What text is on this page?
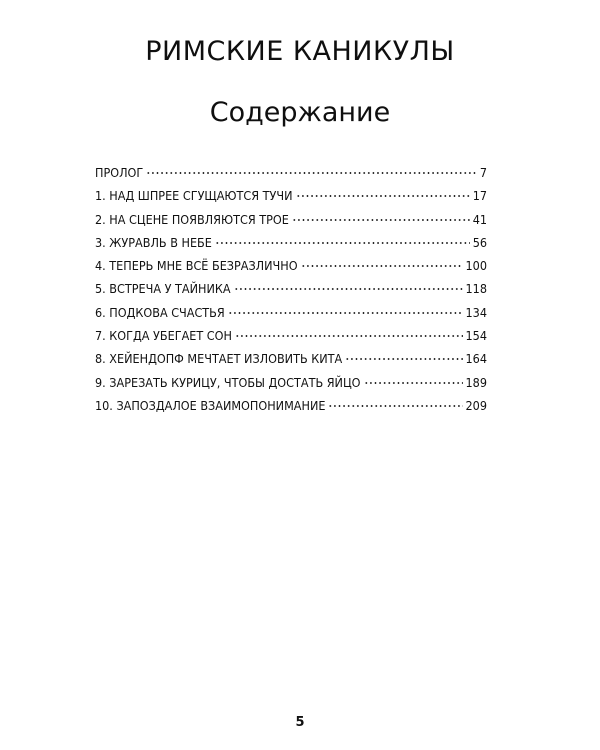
РИМСКИЕ КАНИКУЛЫ
Содержание
ПРОЛОГ	7
1. НАД ШПРЕЕ СГУЩАЮТСЯ ТУЧИ	17
2. НА СЦЕНЕ ПОЯВЛЯЮТСЯ ТРОЕ	41
3. ЖУРАВЛЬ В НЕБЕ	56
4. ТЕПЕРЬ МНЕ ВСЁ БЕЗРАЗЛИЧНО	100
5. ВСТРЕЧА У ТАЙНИКА	118
6. ПОДКОВА СЧАСТЬЯ	134
7. КОГДА УБЕГАЕТ СОН	154
8. ХЕЙЕНДОПФ МЕЧТАЕТ ИЗЛОВИТЬ КИТА	164
9. ЗАРЕЗАТЬ КУРИЦУ, ЧТОБЫ ДОСТАТЬ ЯЙЦО	189
10. ЗАПОЗДАЛОЕ ВЗАИМОПОНИМАНИЕ	209
5
